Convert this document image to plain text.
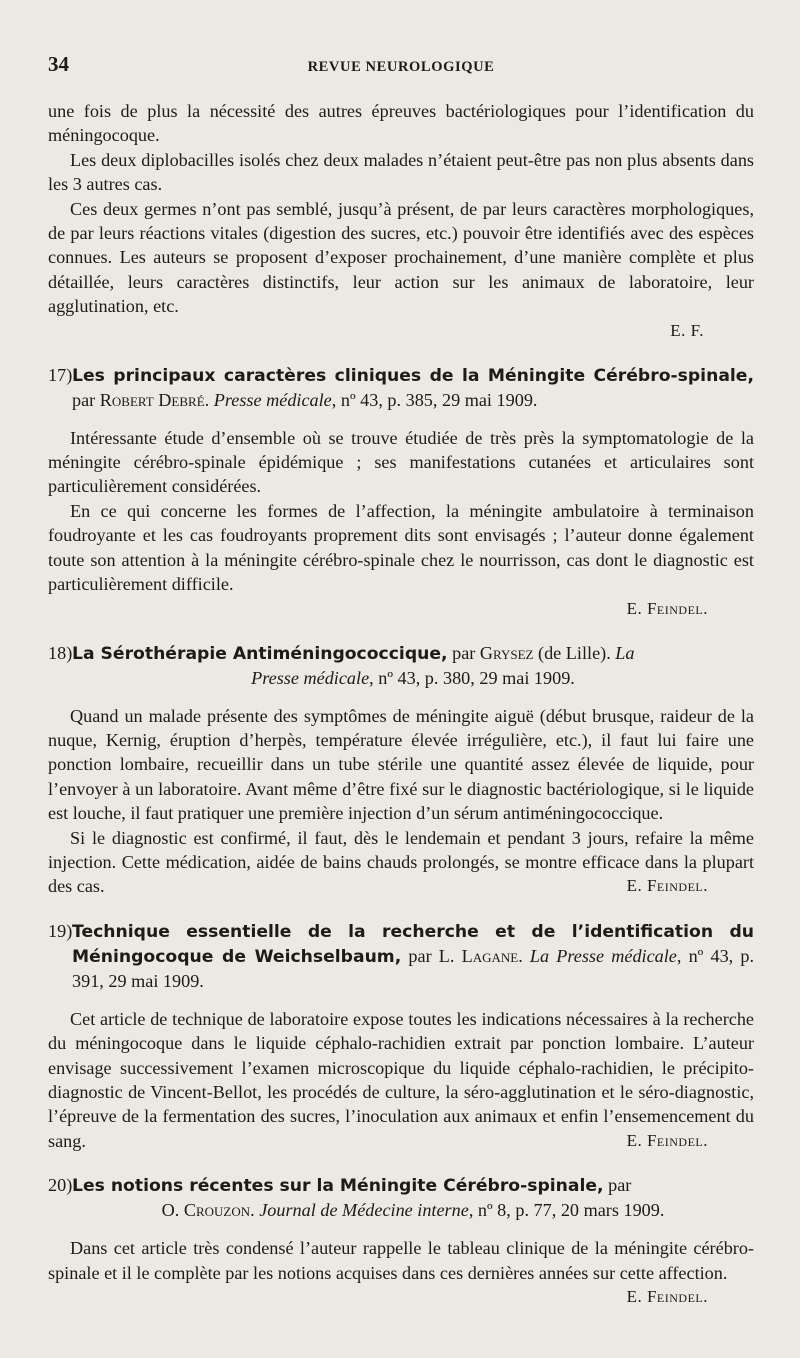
34	REVUE NEUROLOGIQUE

une fois de plus la nécessité des autres épreuves bactériologiques pour l’identification du méningocoque.

Les deux diplobacilles isolés chez deux malades n’étaient peut-être pas non plus absents dans les 3 autres cas.

Ces deux germes n’ont pas semblé, jusqu’à présent, de par leurs caractères morphologiques, de par leurs réactions vitales (digestion des sucres, etc.) pouvoir être identifiés avec des espèces connues. Les auteurs se proposent d’exposer prochainement, d’une manière complète et plus détaillée, leurs caractères distinctifs, leur action sur les animaux de laboratoire, leur agglutination, etc.

E. F.
17) Les principaux caractères cliniques de la Méningite Cérébro-spinale, par Robert Debré. Presse médicale, nº 43, p. 385, 29 mai 1909.

Intéressante étude d’ensemble où se trouve étudiée de très près la symptomatologie de la méningite cérébro-spinale épidémique ; ses manifestations cutanées et articulaires sont particulièrement considérées.

En ce qui concerne les formes de l’affection, la méningite ambulatoire à terminaison foudroyante et les cas foudroyants proprement dits sont envisagés ; l’auteur donne également toute son attention à la méningite cérébro-spinale chez le nourrisson, cas dont le diagnostic est particulièrement difficile.

E. Feindel.
18) La Sérothérapie Antiméningococcique, par Grysez (de Lille). La
Presse médicale, nº 43, p. 380, 29 mai 1909.

Quand un malade présente des symptômes de méningite aiguë (début brusque, raideur de la nuque, Kernig, éruption d’herpès, température élevée irrégulière, etc.), il faut lui faire une ponction lombaire, recueillir dans un tube stérile une quantité assez élevée de liquide, pour l’envoyer à un laboratoire. Avant même d’être fixé sur le diagnostic bactériologique, si le liquide est louche, il faut pratiquer une première injection d’un sérum antiméningococcique.

Si le diagnostic est confirmé, il faut, dès le lendemain et pendant 3 jours, refaire la même injection. Cette médication, aidée de bains chauds prolongés, se montre efficace dans la plupart des cas.	E. Feindel.

19) Technique essentielle de la recherche et de l’identification du Méningocoque de Weichselbaum, par L. Lagane. La Presse médicale, nº 43, p. 391, 29 mai 1909.

Cet article de technique de laboratoire expose toutes les indications nécessaires à la recherche du méningocoque dans le liquide céphalo-rachidien extrait par ponction lombaire. L’auteur envisage successivement l’examen microscopique du liquide céphalo-rachidien, le précipito-diagnostic de Vincent-Bellot, les procédés de culture, la séro-agglutination et le séro-diagnostic, l’épreuve de la fermentation des sucres, l’inoculation aux animaux et enfin l’ensemencement du sang.	E. Feindel.

20) Les notions récentes sur la Méningite Cérébro-spinale, par
O. Crouzon. Journal de Médecine interne, nº 8, p. 77, 20 mars 1909.

Dans cet article très condensé l’auteur rappelle le tableau clinique de la méningite cérébro-spinale et il le complète par les notions acquises dans ces dernières années sur cette affection.
E. Feindel.
